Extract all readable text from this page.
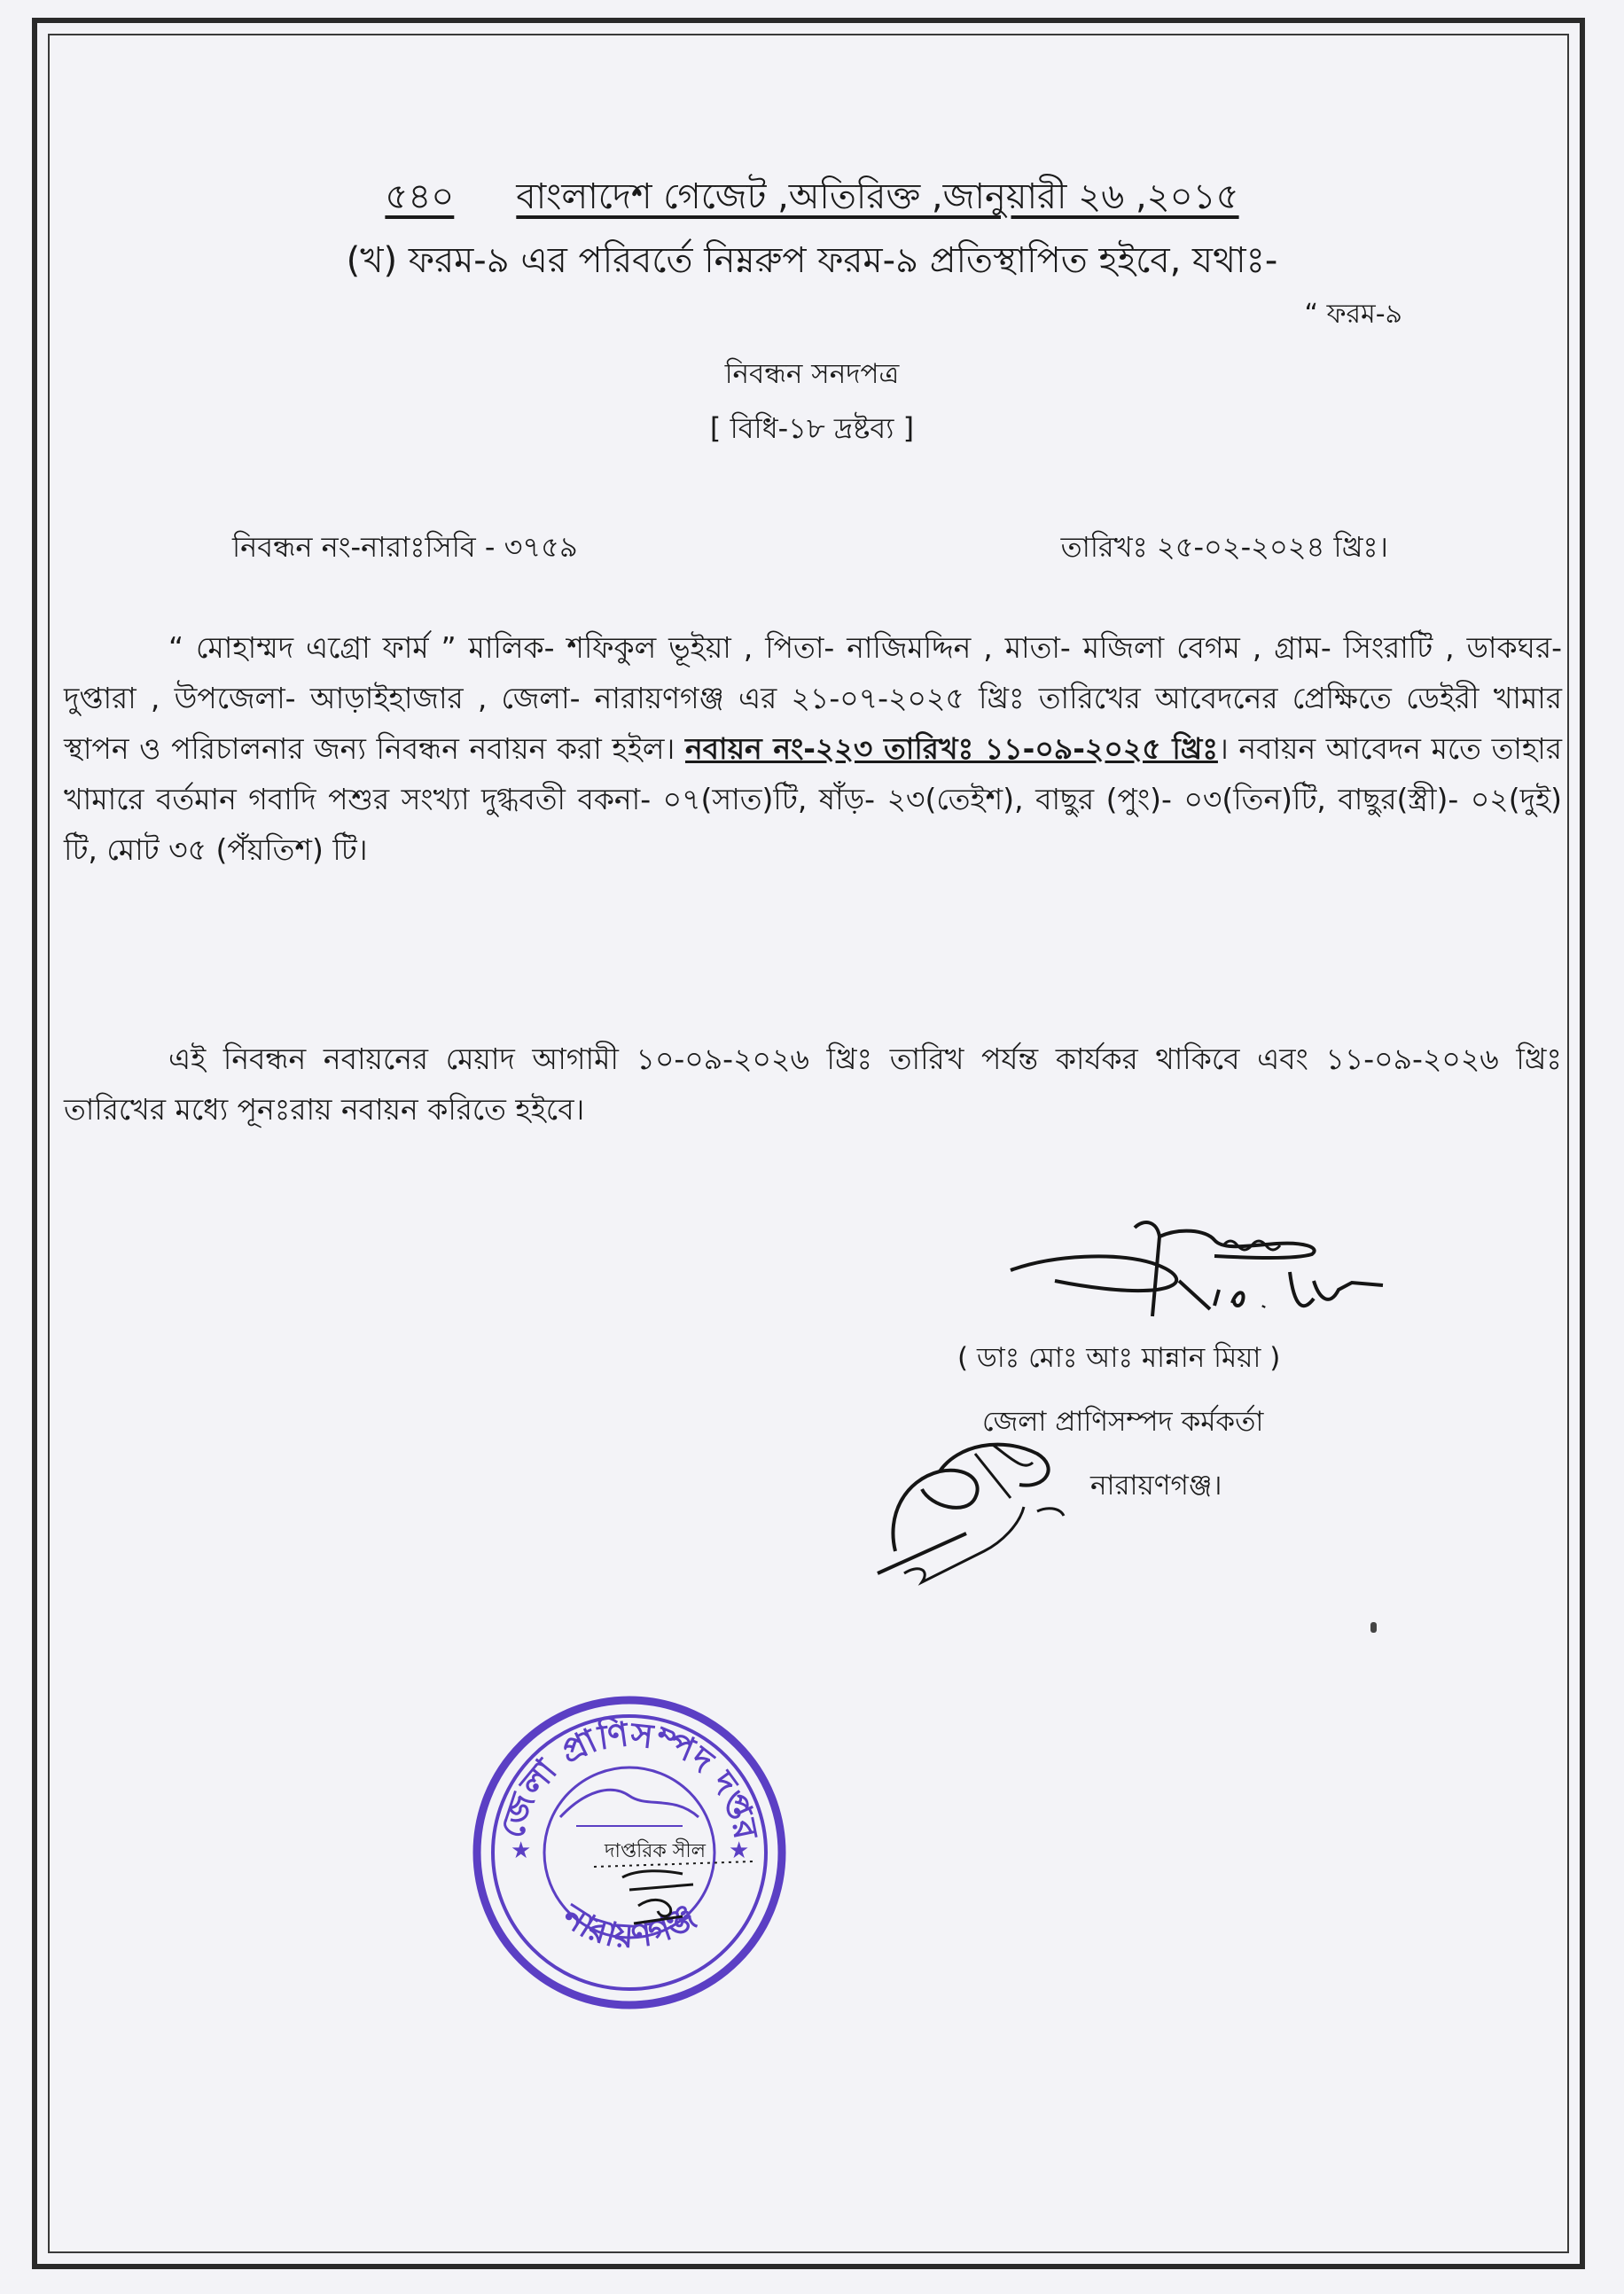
৫৪০ বাংলাদেশ গেজেট ,অতিরিক্ত ,জানুয়ারী ২৬ ,২০১৫
(খ) ফরম-৯ এর পরিবর্তে নিম্নরুপ ফরম-৯ প্রতিস্থাপিত হইবে, যথাঃ-
“ ফরম-৯
নিবন্ধন সনদপত্র
[ বিধি-১৮ দ্রষ্টব্য ]
নিবন্ধন নং-নারাঃসিবি - ৩৭৫৯	তারিখঃ ২৫-০২-২০২৪ খ্রিঃ।
“ মোহাম্মদ এগ্রো ফার্ম ” মালিক- শফিকুল ভূইয়া , পিতা- নাজিমদ্দিন , মাতা- মজিলা বেগম , গ্রাম- সিংরাটি , ডাকঘর- দুপ্তারা , উপজেলা- আড়াইহাজার , জেলা- নারায়ণগঞ্জ এর ২১-০৭-২০২৫ খ্রিঃ তারিখের আবেদনের প্রেক্ষিতে ডেইরী খামার স্থাপন ও পরিচালনার জন্য নিবন্ধন নবায়ন করা হইল। নবায়ন নং-২২৩ তারিখঃ ১১-০৯-২০২৫ খ্রিঃ। নবায়ন আবেদন মতে তাহার খামারে বর্তমান গবাদি পশুর সংখ্যা দুগ্ধবতী বকনা- ০৭(সাত)টি, ষাঁড়- ২৩(তেইশ), বাছুর (পুং)- ০৩(তিন)টি, বাছুর(স্ত্রী)- ০২(দুই) টি, মোট ৩৫ (পঁয়তিশ) টি।
এই নিবন্ধন নবায়নের মেয়াদ আগামী ১০-০৯-২০২৬ খ্রিঃ তারিখ পর্যন্ত কার্যকর থাকিবে এবং ১১-০৯-২০২৬ খ্রিঃ তারিখের মধ্যে পূনঃরায় নবায়ন করিতে হইবে।
( ডাঃ মোঃ আঃ মান্নান মিয়া )
জেলা প্রাণিসম্পদ কর্মকর্তা
নারায়ণগঞ্জ।
জেলা প্রাণিসম্পদ দপ্তর
নারায়ণগঞ্জ
★	★
দাপ্তরিক সীল
